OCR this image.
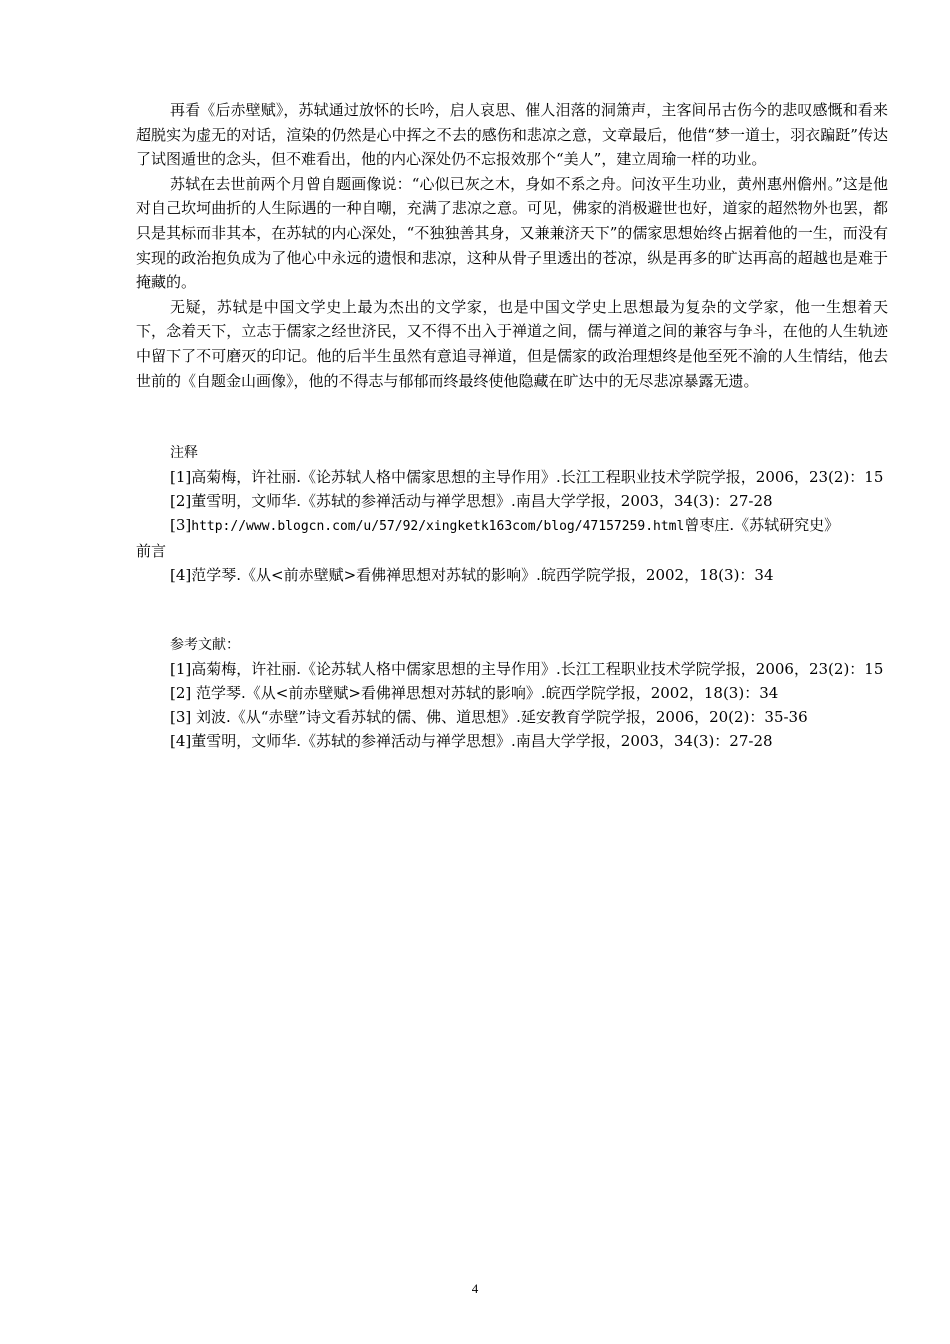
再看《后赤壁赋》，苏轼通过放怀的长吟，启人哀思、催人泪落的洞箫声，主客间吊古伤今的悲叹感慨和看来超脱实为虚无的对话，渲染的仍然是心中挥之不去的感伤和悲凉之意，文章最后，他借“梦一道士，羽衣蹁跹”传达了试图遁世的念头，但不难看出，他的内心深处仍不忘报效那个“美人”，建立周瑜一样的功业。

苏轼在去世前两个月曾自题画像说：“心似已灰之木，身如不系之舟。问汝平生功业，黄州惠州儋州。”这是他对自己坎坷曲折的人生际遇的一种自嘲，充满了悲凉之意。可见，佛家的消极避世也好，道家的超然物外也罢，都只是其标而非其本，在苏轼的内心深处，“不独独善其身，又兼兼济天下”的儒家思想始终占据着他的一生，而没有实现的政治抱负成为了他心中永远的遗恨和悲凉，这种从骨子里透出的苍凉，纵是再多的旷达再高的超越也是难于掩藏的。

无疑，苏轼是中国文学史上最为杰出的文学家，也是中国文学史上思想最为复杂的文学家，他一生想着天下，念着天下，立志于儒家之经世济民，又不得不出入于禅道之间，儒与禅道之间的兼容与争斗，在他的人生轨迹中留下了不可磨灭的印记。他的后半生虽然有意追寻禅道，但是儒家的政治理想终是他至死不渝的人生情结，他去世前的《自题金山画像》，他的不得志与郁郁而终最终使他隐藏在旷达中的无尽悲凉暴露无遗。

注释

[1]高菊梅，许社丽.《论苏轼人格中儒家思想的主导作用》.长江工程职业技术学院学报，2006，23(2)：15

[2]董雪明，文师华.《苏轼的参禅活动与禅学思想》.南昌大学学报，2003，34(3)：27-28

[3]http://www.blogcn.com/u/57/92/xingketk163com/blog/47157259.html曾枣庄.《苏轼研究史》

前言

[4]范学琴.《从<前赤壁赋>看佛禅思想对苏轼的影响》.皖西学院学报，2002，18(3)：34

参考文献：

[1]高菊梅，许社丽.《论苏轼人格中儒家思想的主导作用》.长江工程职业技术学院学报，2006，23(2)：15

[2] 范学琴.《从<前赤壁赋>看佛禅思想对苏轼的影响》.皖西学院学报，2002，18(3)：34

[3] 刘波.《从“赤壁”诗文看苏轼的儒、佛、道思想》.延安教育学院学报，2006，20(2)：35-36

[4]董雪明，文师华.《苏轼的参禅活动与禅学思想》.南昌大学学报，2003，34(3)：27-28

4
